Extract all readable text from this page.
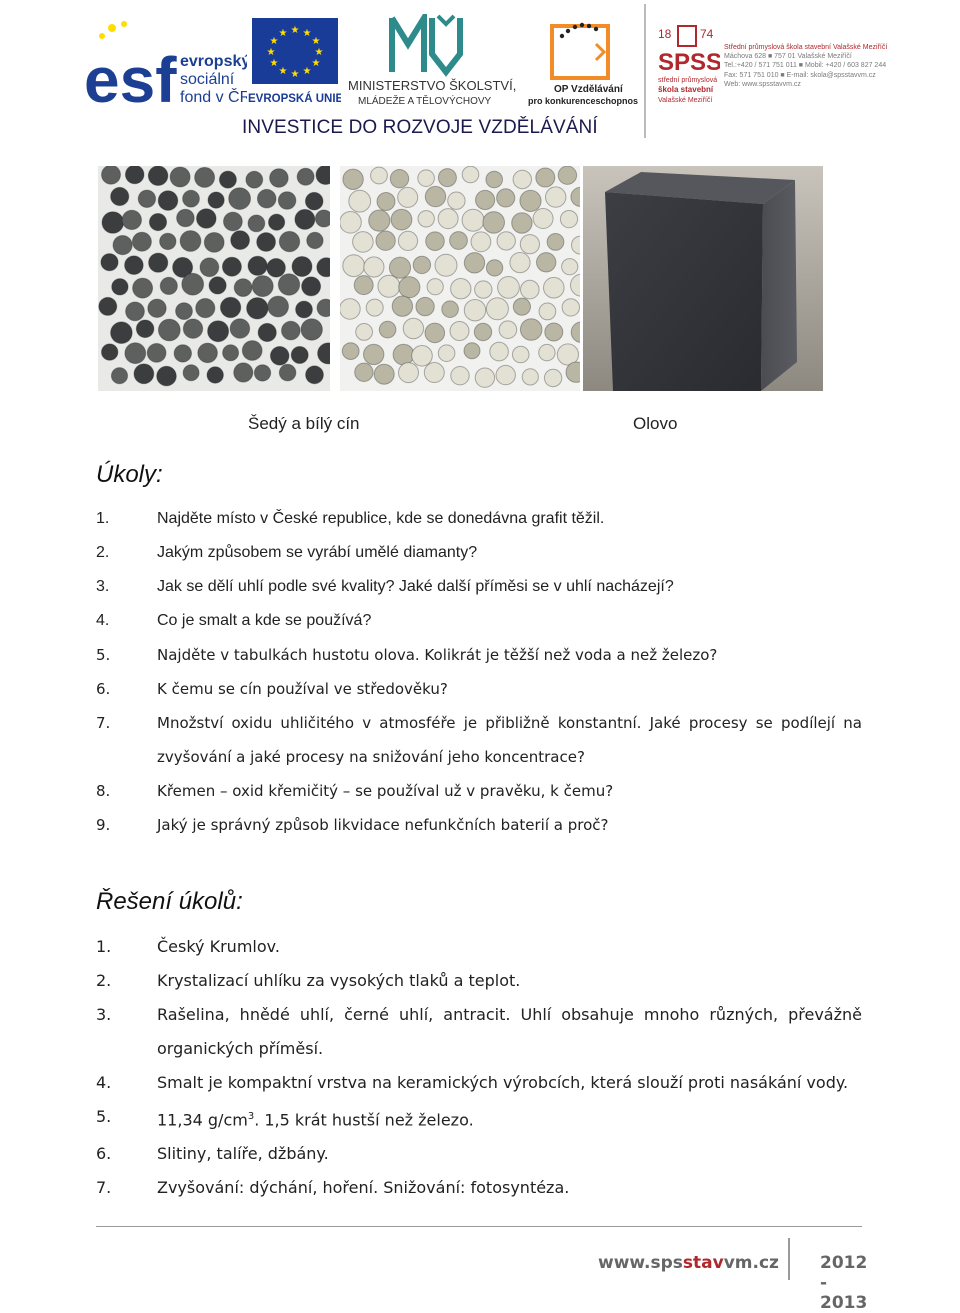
esf evropský
sociální
fond v ČR
★ ★
★
★
★
★
★
★
★
★
★
★
EVROPSKÁ UNIE
MINISTERSTVO ŠKOLSTVÍ,
MLÁDEŽE A TĚLOVÝCHOVY
OP Vzdělávání
pro konkurenceschopnost
18 74
SPSS
střední průmyslová
škola stavební
Valašské Meziříčí
Střední průmyslová škola stavební Valašské Meziříčí
Máchova 628 ■ 757 01 Valašské Meziříčí
Tel.:+420 / 571 751 011 ■ Mobil: +420 / 603 827 244
Fax: 571 751 010 ■ E-mail: skola@spsstavvm.cz
Web: www.spsstavvm.cz
INVESTICE DO ROZVOJE VZDĚLÁVÁNÍ
Šedý a bílý cín	Olovo
Úkoly:
1.	Najděte místo v České republice, kde se donedávna grafit těžil.
2.	Jakým způsobem se vyrábí umělé diamanty?
3.	Jak se dělí uhlí podle své kvality? Jaké další příměsi se v uhlí nacházejí?
4.	Co je smalt a kde se používá?
5.	Najděte v tabulkách hustotu olova. Kolikrát je těžší než voda a než železo?
6.	K čemu se cín používal ve středověku?
7.	Množství oxidu uhličitého v atmosféře je přibližně konstantní. Jaké procesy se podílejí na zvyšování a jaké procesy na snižování jeho koncentrace?
8.	Křemen – oxid křemičitý – se používal už v pravěku, k čemu?
9.	Jaký je správný způsob likvidace nefunkčních baterií a proč?
Řešení úkolů:
1.	Český Krumlov.
2.	Krystalizací uhlíku za vysokých tlaků a teplot.
3.	Rašelina, hnědé uhlí, černé uhlí, antracit. Uhlí obsahuje mnoho různých, převážně organických příměsí.
4.	Smalt je kompaktní vrstva na keramických výrobcích, která slouží proti nasákání vody.
5.	11,34 $g/cm^3$. 1,5 krát hustší než železo.
6.	Slitiny, talíře, džbány.
7.	Zvyšování: dýchání, hoření. Snižování: fotosyntéza.
www.spsstavvm.cz 2012 - 2013
